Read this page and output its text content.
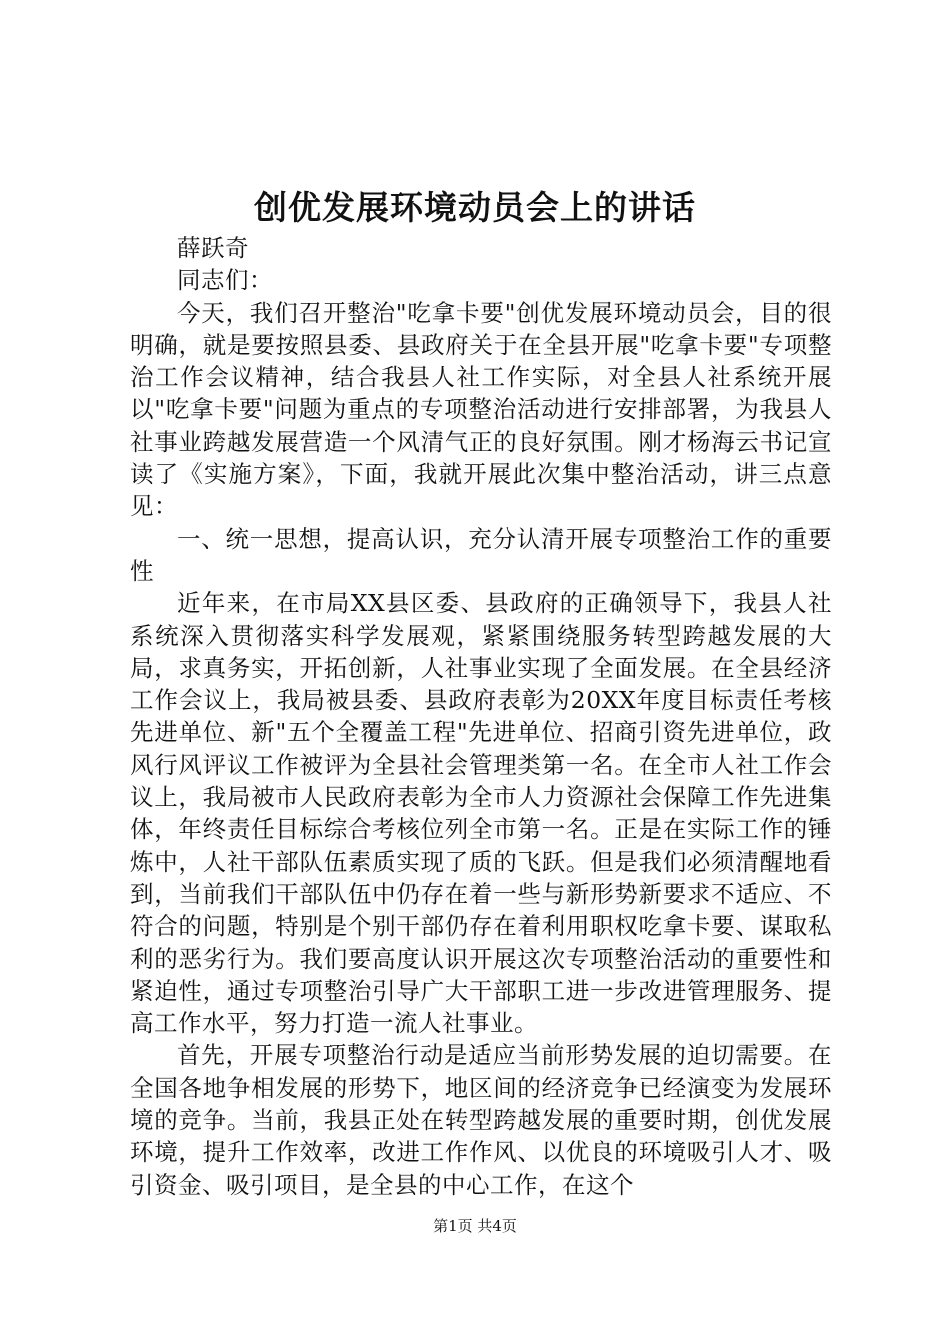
创优发展环境动员会上的讲话

薛跃奇

同志们：

今天，我们召开整治"吃拿卡要"创优发展环境动员会，目的很明确，就是要按照县委、县政府关于在全县开展"吃拿卡要"专项整治工作会议精神，结合我县人社工作实际，对全县人社系统开展以"吃拿卡要"问题为重点的专项整治活动进行安排部署，为我县人社事业跨越发展营造一个风清气正的良好氛围。刚才杨海云书记宣读了《实施方案》，下面，我就开展此次集中整治活动，讲三点意见：

一、统一思想，提高认识，充分认清开展专项整治工作的重要性

近年来，在市局XX县区委、县政府的正确领导下，我县人社系统深入贯彻落实科学发展观，紧紧围绕服务转型跨越发展的大局，求真务实，开拓创新，人社事业实现了全面发展。在全县经济工作会议上，我局被县委、县政府表彰为20XX年度目标责任考核先进单位、新"五个全覆盖工程"先进单位、招商引资先进单位，政风行风评议工作被评为全县社会管理类第一名。在全市人社工作会议上，我局被市人民政府表彰为全市人力资源社会保障工作先进集体，年终责任目标综合考核位列全市第一名。正是在实际工作的锤炼中，人社干部队伍素质实现了质的飞跃。但是我们必须清醒地看到，当前我们干部队伍中仍存在着一些与新形势新要求不适应、不符合的问题，特别是个别干部仍存在着利用职权吃拿卡要、谋取私利的恶劣行为。我们要高度认识开展这次专项整治活动的重要性和紧迫性，通过专项整治引导广大干部职工进一步改进管理服务、提高工作水平，努力打造一流人社事业。

首先，开展专项整治行动是适应当前形势发展的迫切需要。在全国各地争相发展的形势下，地区间的经济竞争已经演变为发展环境的竞争。当前，我县正处在转型跨越发展的重要时期，创优发展环境，提升工作效率，改进工作作风、以优良的环境吸引人才、吸引资金、吸引项目，是全县的中心工作，在这个

第1页 共4页
